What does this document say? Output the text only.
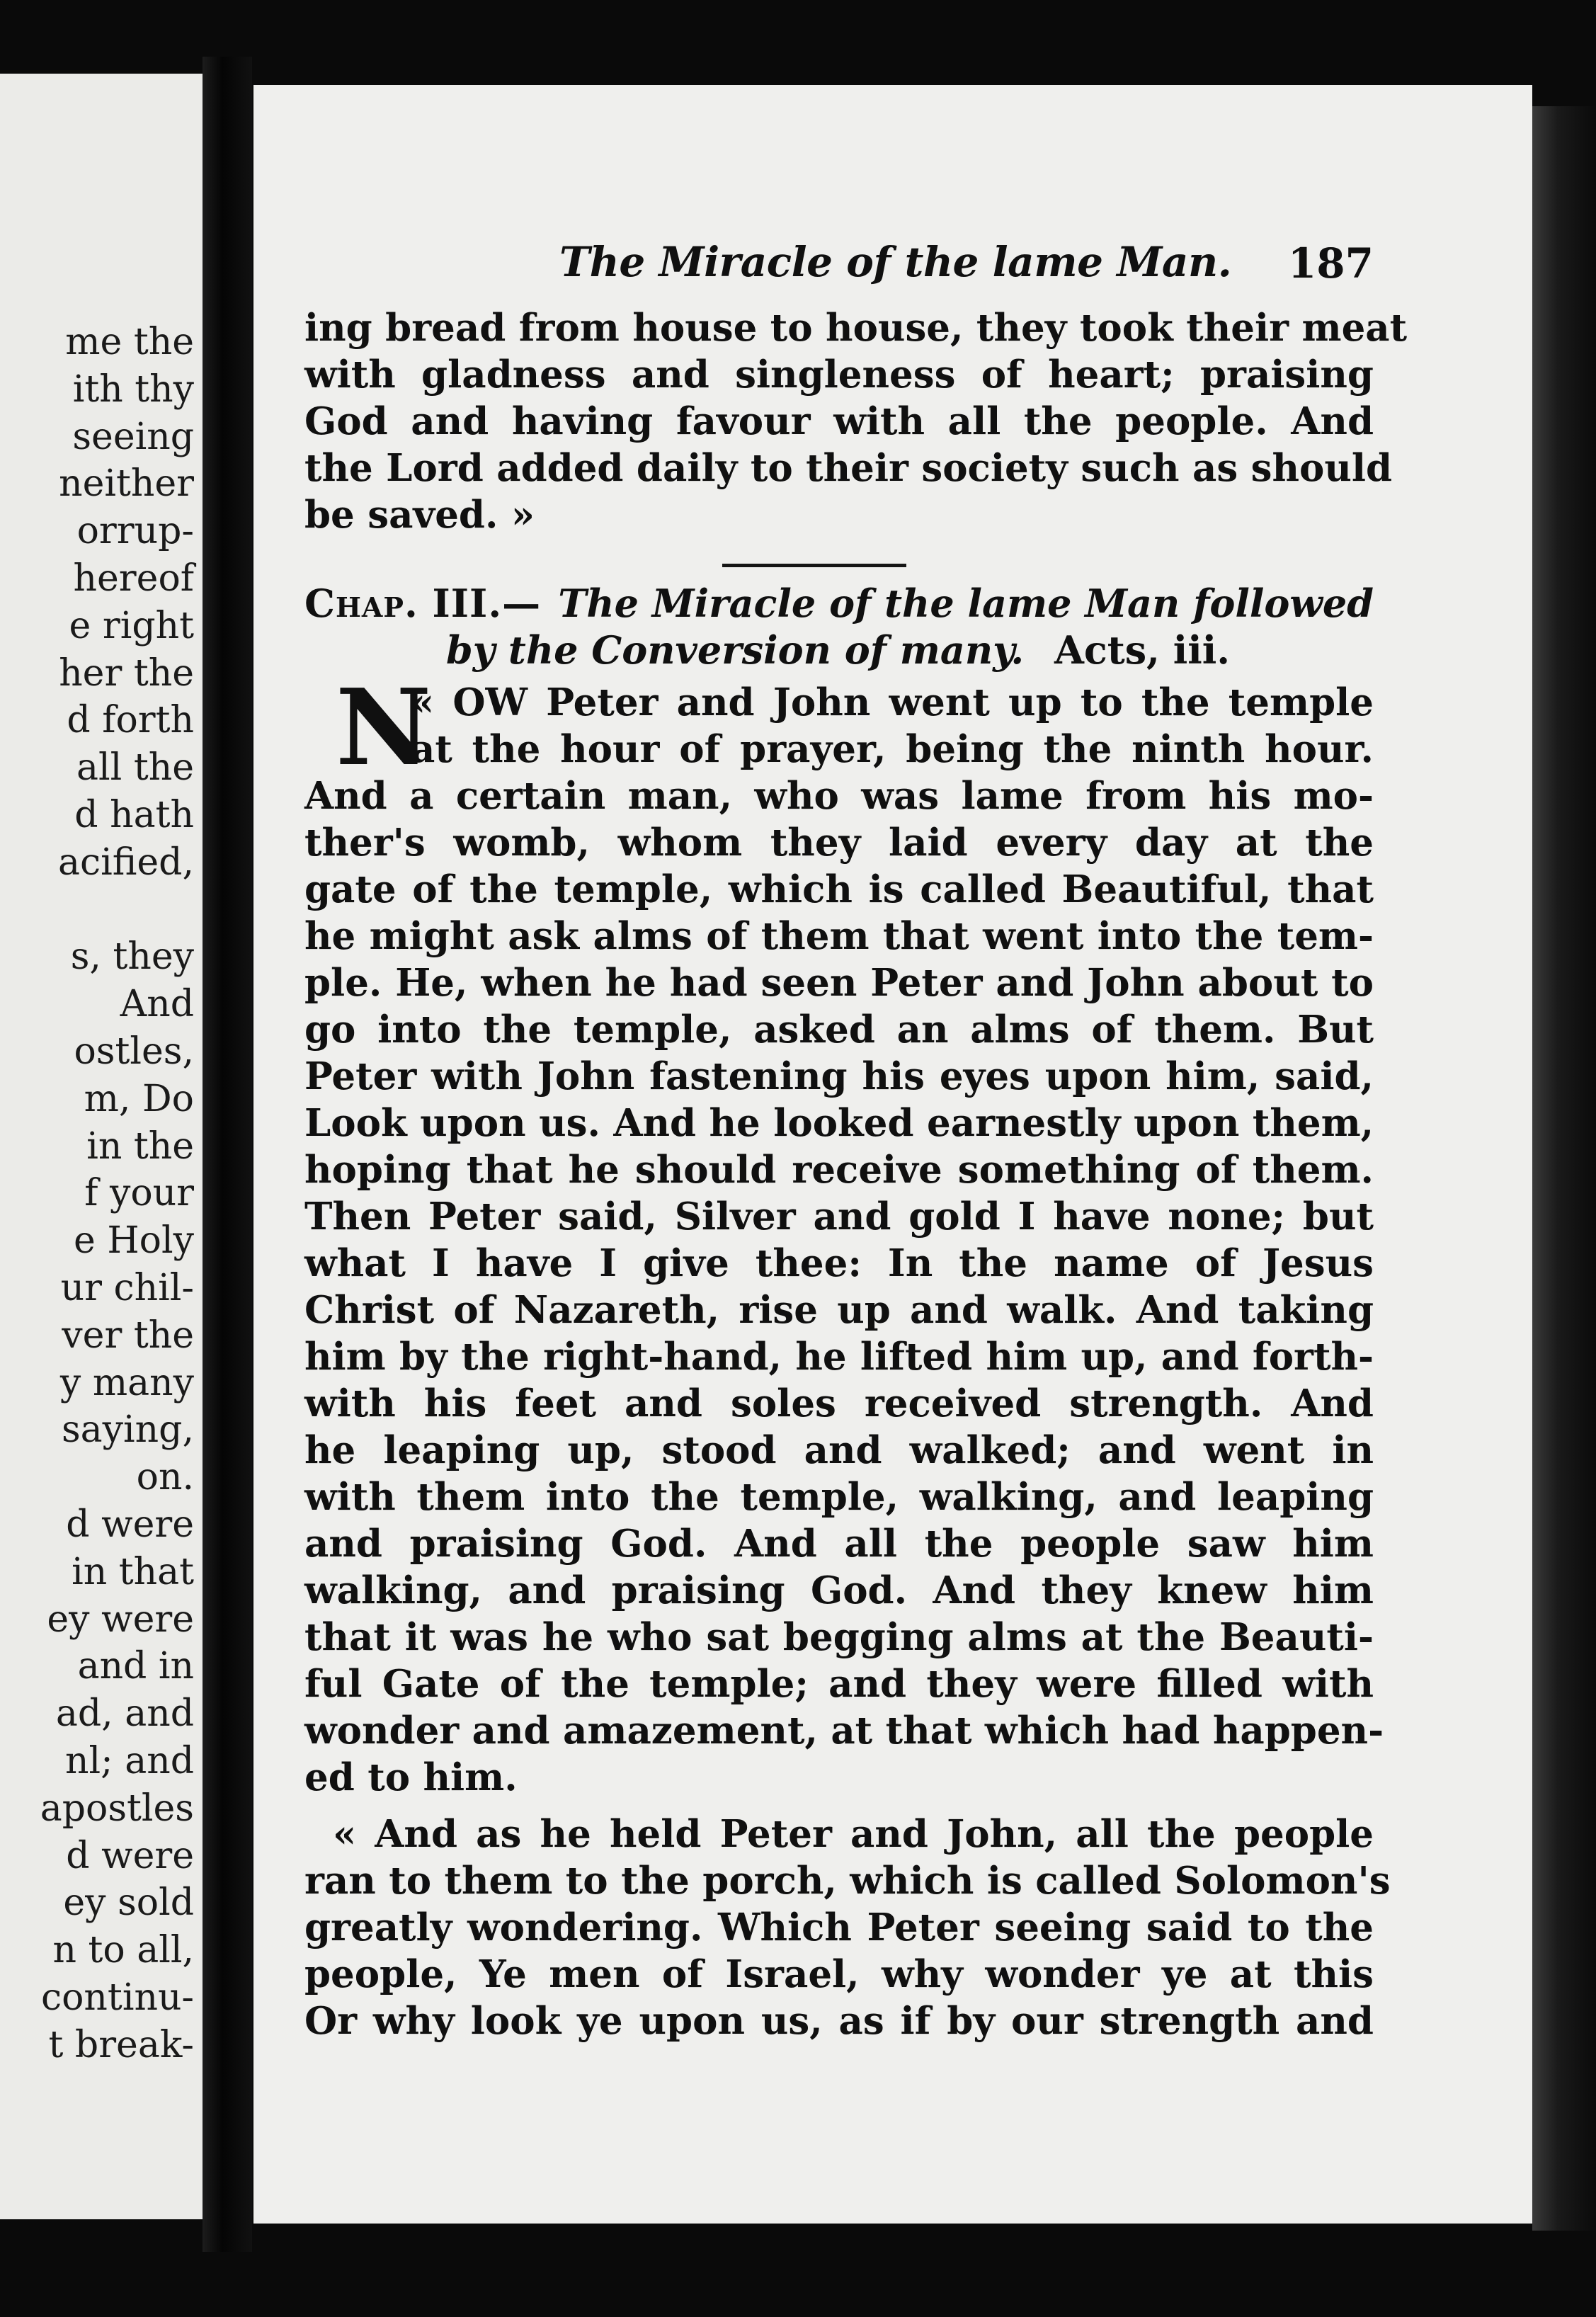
me the
ith thy
seeing
neither
orrup-
hereof
e right
her the
d forth
all the
d hath
acified,
s, they
And
ostles,
m, Do
in the
f your
e Holy
ur chil-
ver the
y many
saying,
on.
d were
in that
ey were
and in
ad, and
nl; and
apostles
d were
ey sold
n to all,
continu-
t break-
The Miracle of the lame Man. 187
ing bread from house to house, they took their meat
with gladness and singleness of heart; praising
God and having favour with all the people. And
the Lord added daily to their society such as should
be saved. »
Chap. III.— The Miracle of the lame Man followed
by the Conversion of many. Acts, iii.
N
« OW Peter and John went up to the temple
at the hour of prayer, being the ninth hour.
And a certain man, who was lame from his mo-
ther's womb, whom they laid every day at the
gate of the temple, which is called Beautiful, that
he might ask alms of them that went into the tem-
ple. He, when he had seen Peter and John about to
go into the temple, asked an alms of them. But
Peter with John fastening his eyes upon him, said,
Look upon us. And he looked earnestly upon them,
hoping that he should receive something of them.
Then Peter said, Silver and gold I have none; but
what I have I give thee: In the name of Jesus
Christ of Nazareth, rise up and walk. And taking
him by the right-hand, he lifted him up, and forth-
with his feet and soles received strength. And
he leaping up, stood and walked; and went in
with them into the temple, walking, and leaping
and praising God. And all the people saw him
walking, and praising God. And they knew him
that it was he who sat begging alms at the Beauti-
ful Gate of the temple; and they were filled with
wonder and amazement, at that which had happen-
ed to him.
« And as he held Peter and John, all the people
ran to them to the porch, which is called Solomon's
greatly wondering. Which Peter seeing said to the
people, Ye men of Israel, why wonder ye at this
Or why look ye upon us, as if by our strength and
